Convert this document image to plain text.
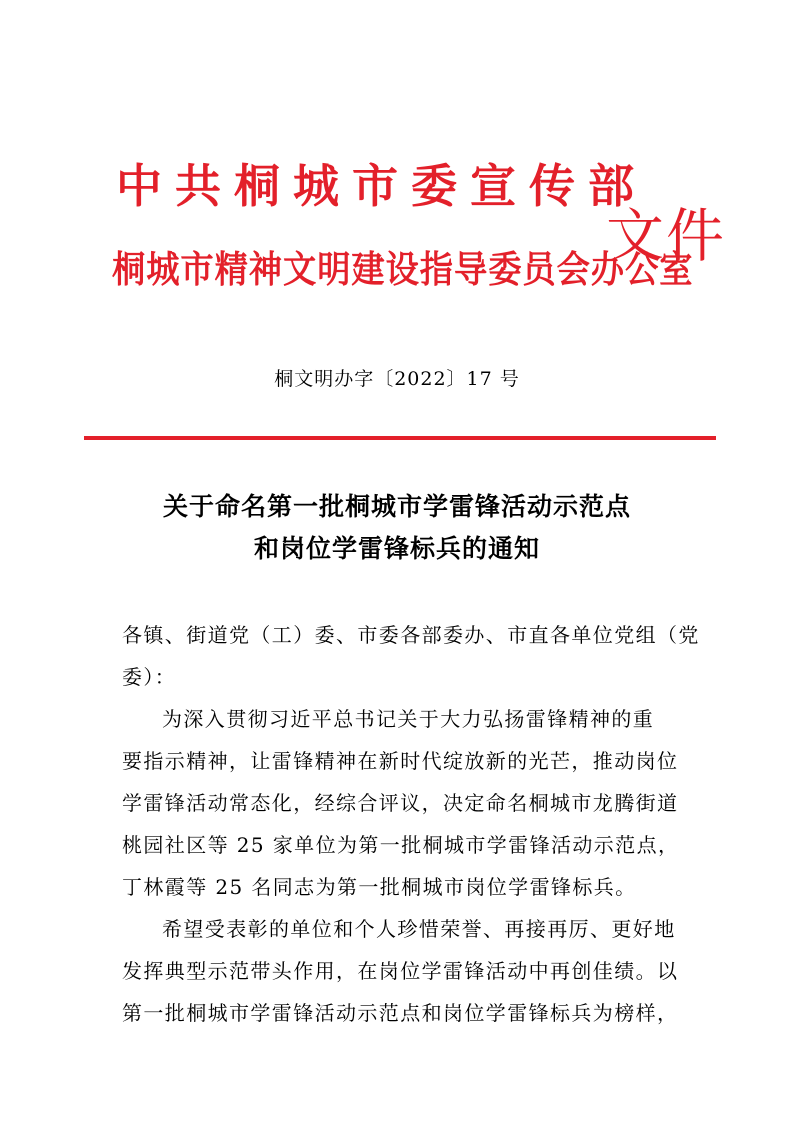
中共桐城市委宣传部
桐城市精神文明建设指导委员会办公室
文件
桐文明办字〔2022〕17 号
关于命名第一批桐城市学雷锋活动示范点
和岗位学雷锋标兵的通知

各镇、街道党（工）委、市委各部委办、市直各单位党组（党
委）：

为深入贯彻习近平总书记关于大力弘扬雷锋精神的重
要指示精神，让雷锋精神在新时代绽放新的光芒，推动岗位
学雷锋活动常态化，经综合评议，决定命名桐城市龙腾街道
桃园社区等 25 家单位为第一批桐城市学雷锋活动示范点，
丁林霞等 25 名同志为第一批桐城市岗位学雷锋标兵。

希望受表彰的单位和个人珍惜荣誉、再接再厉、更好地
发挥典型示范带头作用，在岗位学雷锋活动中再创佳绩。以
第一批桐城市学雷锋活动示范点和岗位学雷锋标兵为榜样，
